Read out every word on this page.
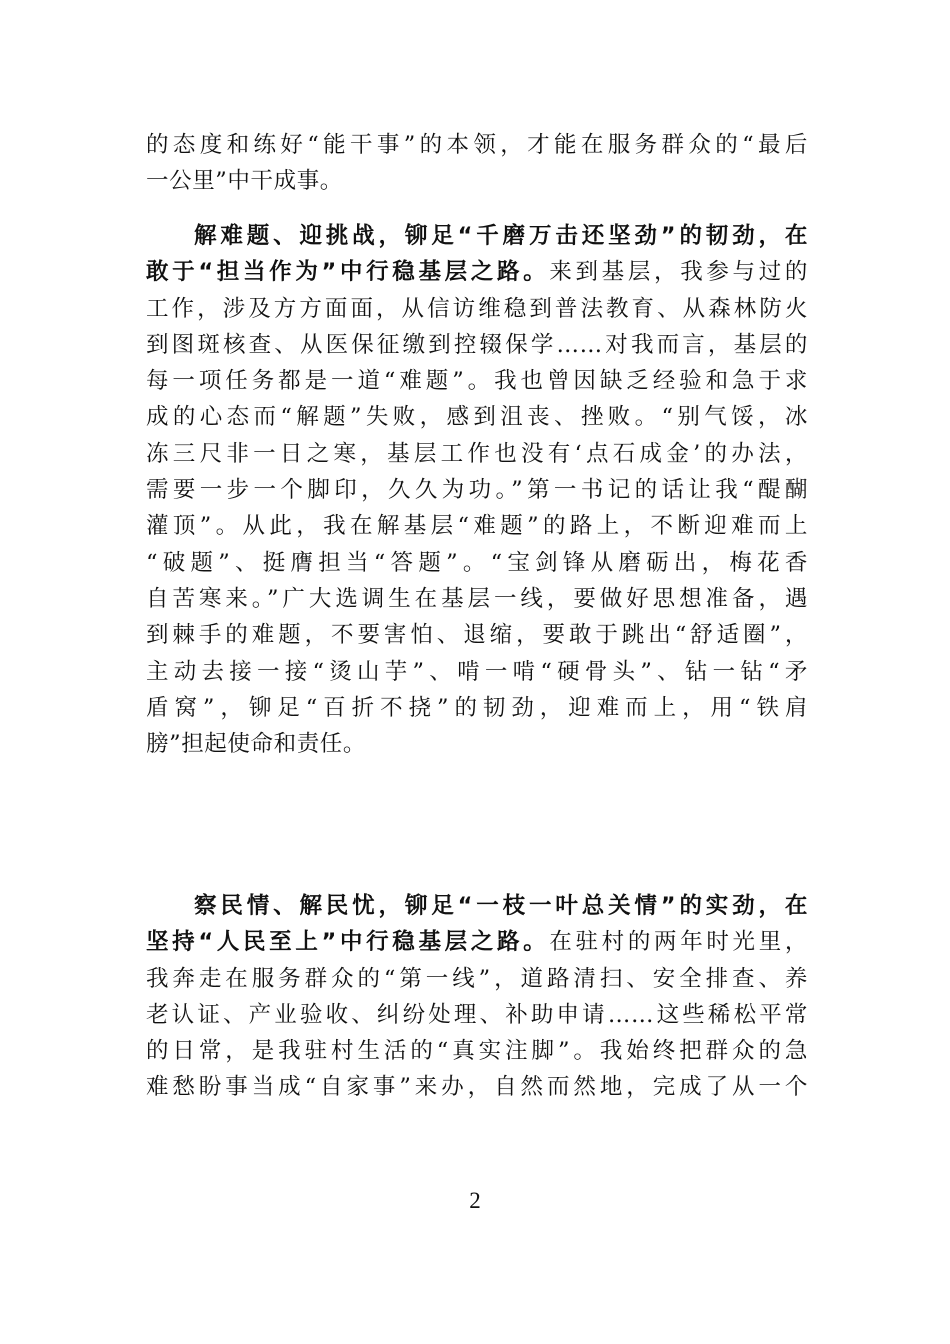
的态度和练好“能干事”的本领，才能在服务群众的“最后
一公里”中干成事。
解难题、迎挑战，铆足“千磨万击还坚劲”的韧劲，在
敢于“担当作为”中行稳基层之路。来到基层，我参与过的
工作，涉及方方面面，从信访维稳到普法教育、从森林防火
到图斑核查、从医保征缴到控辍保学……对我而言，基层的
每一项任务都是一道“难题”。我也曾因缺乏经验和急于求
成的心态而“解题”失败，感到沮丧、挫败。“别气馁，冰
冻三尺非一日之寒，基层工作也没有‘点石成金’的办法，
需要一步一个脚印，久久为功。”第一书记的话让我“醍醐
灌顶”。从此，我在解基层“难题”的路上，不断迎难而上
“破题”、挺膺担当“答题”。“宝剑锋从磨砺出，梅花香
自苦寒来。”广大选调生在基层一线，要做好思想准备，遇
到棘手的难题，不要害怕、退缩，要敢于跳出“舒适圈”，
主动去接一接“烫山芋”、啃一啃“硬骨头”、钻一钻“矛
盾窝”，铆足“百折不挠”的韧劲，迎难而上，用“铁肩
膀”担起使命和责任。
察民情、解民忧，铆足“一枝一叶总关情”的实劲，在
坚持“人民至上”中行稳基层之路。在驻村的两年时光里，
我奔走在服务群众的“第一线”，道路清扫、安全排查、养
老认证、产业验收、纠纷处理、补助申请……这些稀松平常
的日常，是我驻村生活的“真实注脚”。我始终把群众的急
难愁盼事当成“自家事”来办，自然而然地，完成了从一个
2
